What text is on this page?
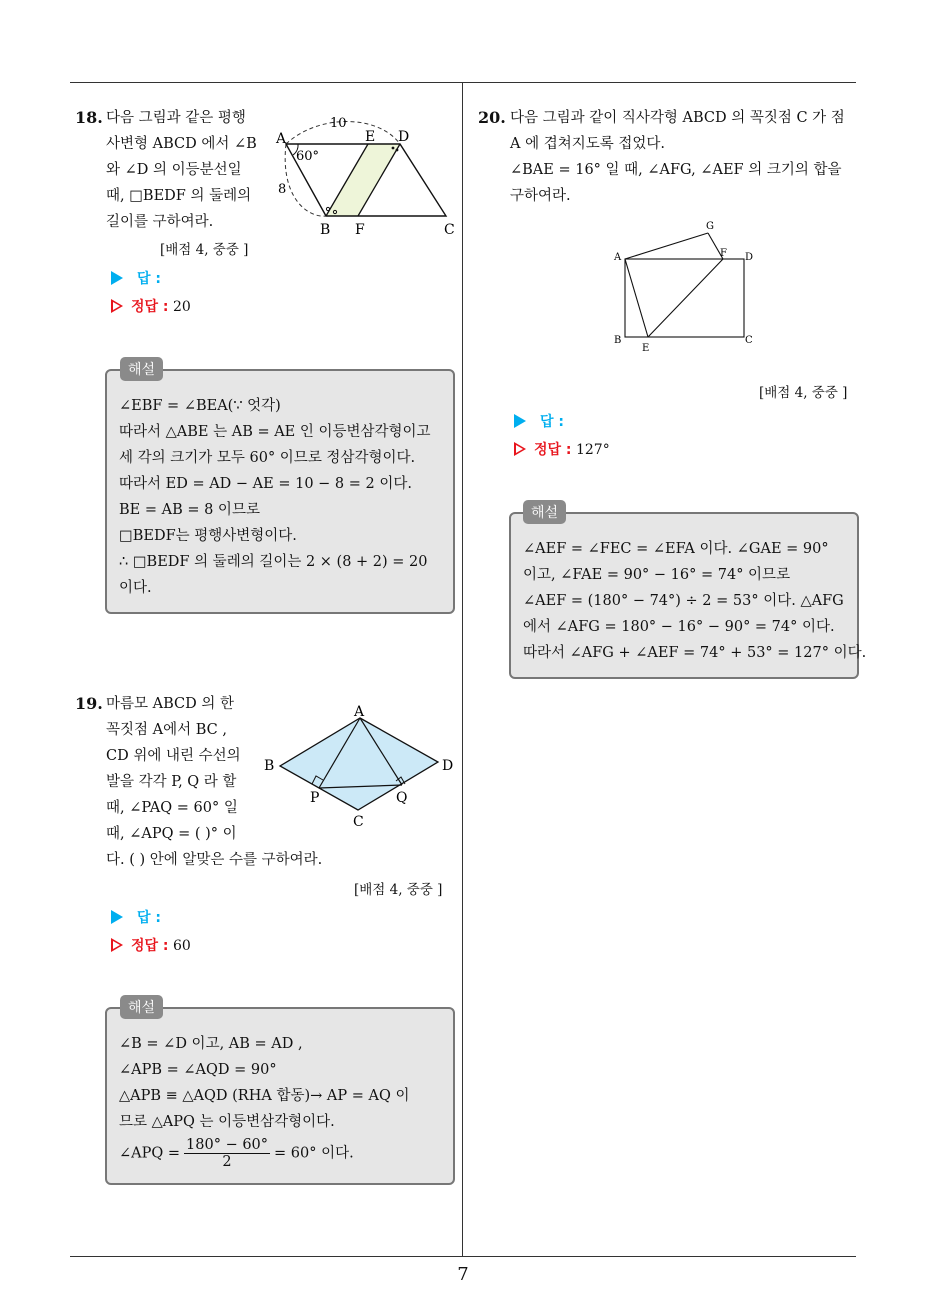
7
18. 다음 그림과 같은 평행
사변형 ABCD 에서 ∠B
와 ∠D 의 이등분선일
때, □BEDF 의 둘레의
길이를 구하여라.
A
B	C
D
E
F
10
8
60°
[배점 4, 중중 ]
답 :
정답 : 20
∠EBF = ∠BEA(∵ 엇각)
따라서 △ABE 는 AB = AE 인 이등변삼각형이고
세 각의 크기가 모두 60° 이므로 정삼각형이다.
따라서 ED = AD − AE = 10 − 8 = 2 이다.
BE = AB = 8 이므로
□BEDF는 평행사변형이다.
∴ □BEDF 의 둘레의 길이는 2 × (8 + 2) = 20
이다.
해설
19. 마름모 ABCD 의 한
꼭짓점 A에서 BC ,
CD 위에 내린 수선의
발을 각각 P, Q 라 할
때, ∠PAQ = 60° 일
때, ∠APQ = ( )° 이
다. ( ) 안에 알맞은 수를 구하여라.
A
B
C
D
P	Q
[배점 4, 중중 ]
답 :
정답 : 60
∠B = ∠D 이고, AB = AD ,
∠APB = ∠AQD = 90°
△APB ≡ △AQD (RHA 합동)→ AP = AQ 이
므로 △APQ 는 이등변삼각형이다.
∠APQ = $\frac{180^\circ - 60^\circ}{2} = 60^\circ$ 이다.
해설
20. 다음 그림과 같이 직사각형 ABCD 의 꼭짓점 C 가 점
A 에 겹쳐지도록 접었다.
∠BAE = 16° 일 때, ∠AFG, ∠AEF 의 크기의 합을
구하여라.
A
B	C
D
E
F
G
[배점 4, 중중 ]
답 :
정답 : 127°
∠AEF = ∠FEC = ∠EFA 이다. ∠GAE = 90°
이고, ∠FAE = 90° − 16° = 74° 이므로
∠AEF = (180° − 74°) ÷ 2 = 53° 이다. △AFG
에서 ∠AFG = 180° − 16° − 90° = 74° 이다.
따라서 ∠AFG + ∠AEF = 74° + 53° = 127° 이다.
해설
